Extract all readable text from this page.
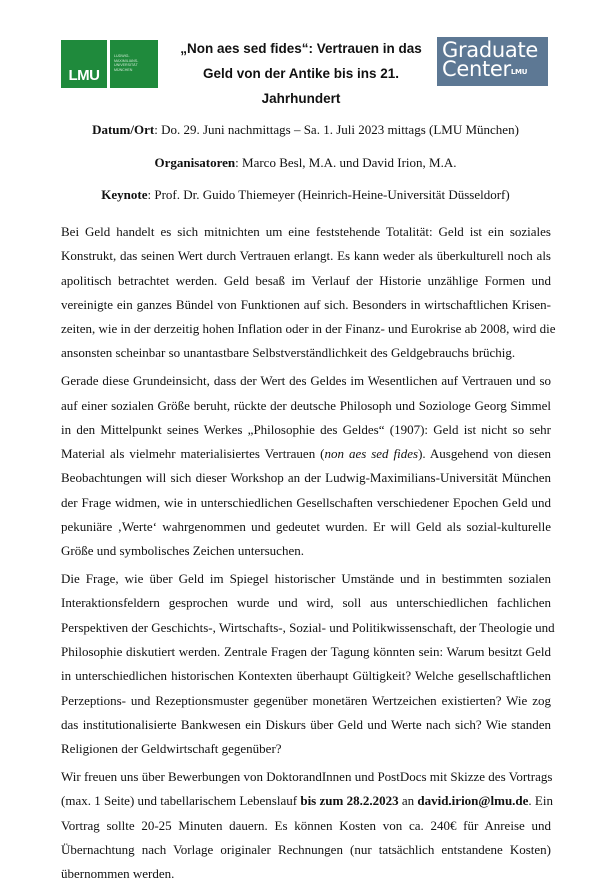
LMU
LUDWIG-
MAXIMILIANS-
UNIVERSITÄT
MÜNCHEN
„Non aes sed fides“: Vertrauen in das
Geld von der Antike bis ins 21.
Jahrhundert
Graduate
Center$^{LMU}$
Datum/Ort: Do. 29. Juni nachmittags – Sa. 1. Juli 2023 mittags (LMU München)
Organisatoren: Marco Besl, M.A. und David Irion, M.A.
Keynote: Prof. Dr. Guido Thiemeyer (Heinrich-Heine-Universität Düsseldorf)
Bei Geld handelt es sich mitnichten um eine feststehende Totalität: Geld ist ein soziales
Konstrukt, das seinen Wert durch Vertrauen erlangt. Es kann weder als überkulturell noch als
apolitisch betrachtet werden. Geld besaß im Verlauf der Historie unzählige Formen und
vereinigte ein ganzes Bündel von Funktionen auf sich. Besonders in wirtschaftlichen Krisen-
zeiten, wie in der derzeitig hohen Inflation oder in der Finanz- und Eurokrise ab 2008, wird die
ansonsten scheinbar so unantastbare Selbstverständlichkeit des Geldgebrauchs brüchig.
Gerade diese Grundeinsicht, dass der Wert des Geldes im Wesentlichen auf Vertrauen und so
auf einer sozialen Größe beruht, rückte der deutsche Philosoph und Soziologe Georg Simmel
in den Mittelpunkt seines Werkes „Philosophie des Geldes“ (1907): Geld ist nicht so sehr
Material als vielmehr materialisiertes Vertrauen (non aes sed fides). Ausgehend von diesen
Beobachtungen will sich dieser Workshop an der Ludwig-Maximilians-Universität München
der Frage widmen, wie in unterschiedlichen Gesellschaften verschiedener Epochen Geld und
pekuniäre ‚Werte‘ wahrgenommen und gedeutet wurden. Er will Geld als sozial-kulturelle
Größe und symbolisches Zeichen untersuchen.
Die Frage, wie über Geld im Spiegel historischer Umstände und in bestimmten sozialen
Interaktionsfeldern gesprochen wurde und wird, soll aus unterschiedlichen fachlichen
Perspektiven der Geschichts-, Wirtschafts-, Sozial- und Politikwissenschaft, der Theologie und
Philosophie diskutiert werden. Zentrale Fragen der Tagung könnten sein: Warum besitzt Geld
in unterschiedlichen historischen Kontexten überhaupt Gültigkeit? Welche gesellschaftlichen
Perzeptions- und Rezeptionsmuster gegenüber monetären Wertzeichen existierten? Wie zog
das institutionalisierte Bankwesen ein Diskurs über Geld und Werte nach sich? Wie standen
Religionen der Geldwirtschaft gegenüber?
Wir freuen uns über Bewerbungen von DoktorandInnen und PostDocs mit Skizze des Vortrags
(max. 1 Seite) und tabellarischem Lebenslauf bis zum 28.2.2023 an david.irion@lmu.de. Ein
Vortrag sollte 20-25 Minuten dauern. Es können Kosten von ca. 240€ für Anreise und
Übernachtung nach Vorlage originaler Rechnungen (nur tatsächlich entstandene Kosten)
übernommen werden.
